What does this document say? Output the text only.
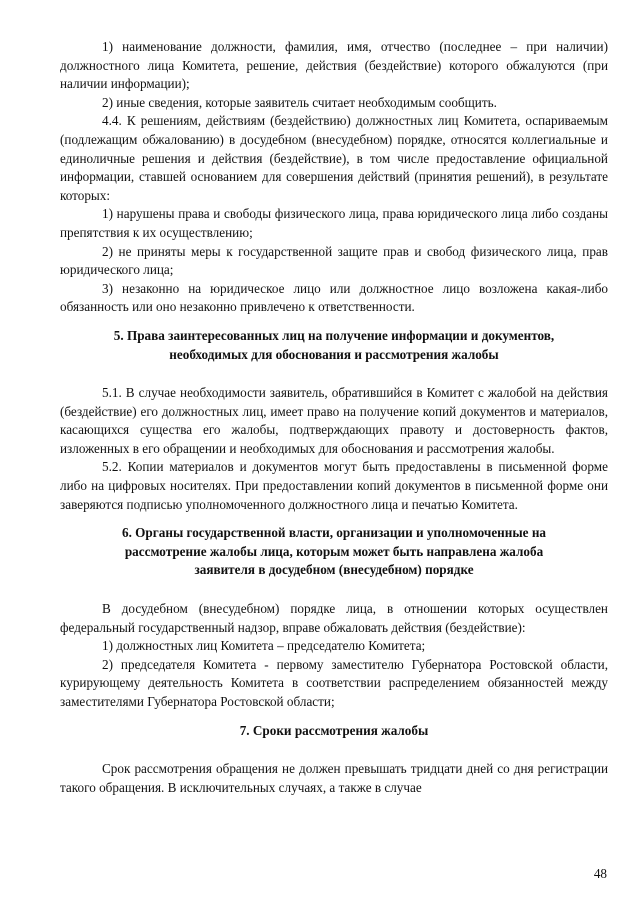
1) наименование должности, фамилия, имя, отчество (последнее – при наличии) должностного лица Комитета, решение, действия (бездействие) которого обжалуются (при наличии информации);

2) иные сведения, которые заявитель считает необходимым сообщить.

4.4. К решениям, действиям (бездействию) должностных лиц Комитета, оспариваемым (подлежащим обжалованию) в досудебном (внесудебном) порядке, относятся коллегиальные и единоличные решения и действия (бездействие), в том числе предоставление официальной информации, ставшей основанием для совершения действий (принятия решений), в результате которых:

1) нарушены права и свободы физического лица, права юридического лица либо созданы препятствия к их осуществлению;

2) не приняты меры к государственной защите прав и свобод физического лица, прав юридического лица;

3) незаконно на юридическое лицо или должностное лицо возложена какая-либо обязанность или оно незаконно привлечено к ответственности.

5. Права заинтересованных лиц на получение информации и документов,

необходимых для обоснования и рассмотрения жалобы

5.1. В случае необходимости заявитель, обратившийся в Комитет с жалобой на действия (бездействие) его должностных лиц, имеет право на получение копий документов и материалов, касающихся существа его жалобы, подтверждающих правоту и достоверность фактов, изложенных в его обращении и необходимых для обоснования и рассмотрения жалобы.

5.2. Копии материалов и документов могут быть предоставлены в письменной форме либо на цифровых носителях. При предоставлении копий документов в письменной форме они заверяются подписью уполномоченного должностного лица и печатью Комитета.

6. Органы государственной власти, организации и уполномоченные на

рассмотрение жалобы лица, которым может быть направлена жалоба

заявителя в досудебном (внесудебном) порядке

В досудебном (внесудебном) порядке лица, в отношении которых осуществлен федеральный государственный надзор, вправе обжаловать действия (бездействие):

1) должностных лиц Комитета – председателю Комитета;

2) председателя Комитета - первому заместителю Губернатора Ростовской области, курирующему деятельность Комитета в соответствии распределением обязанностей между заместителями Губернатора Ростовской области;

7. Сроки рассмотрения жалобы

Срок рассмотрения обращения не должен превышать тридцати дней со дня регистрации такого обращения. В исключительных случаях, а также в случае

48
